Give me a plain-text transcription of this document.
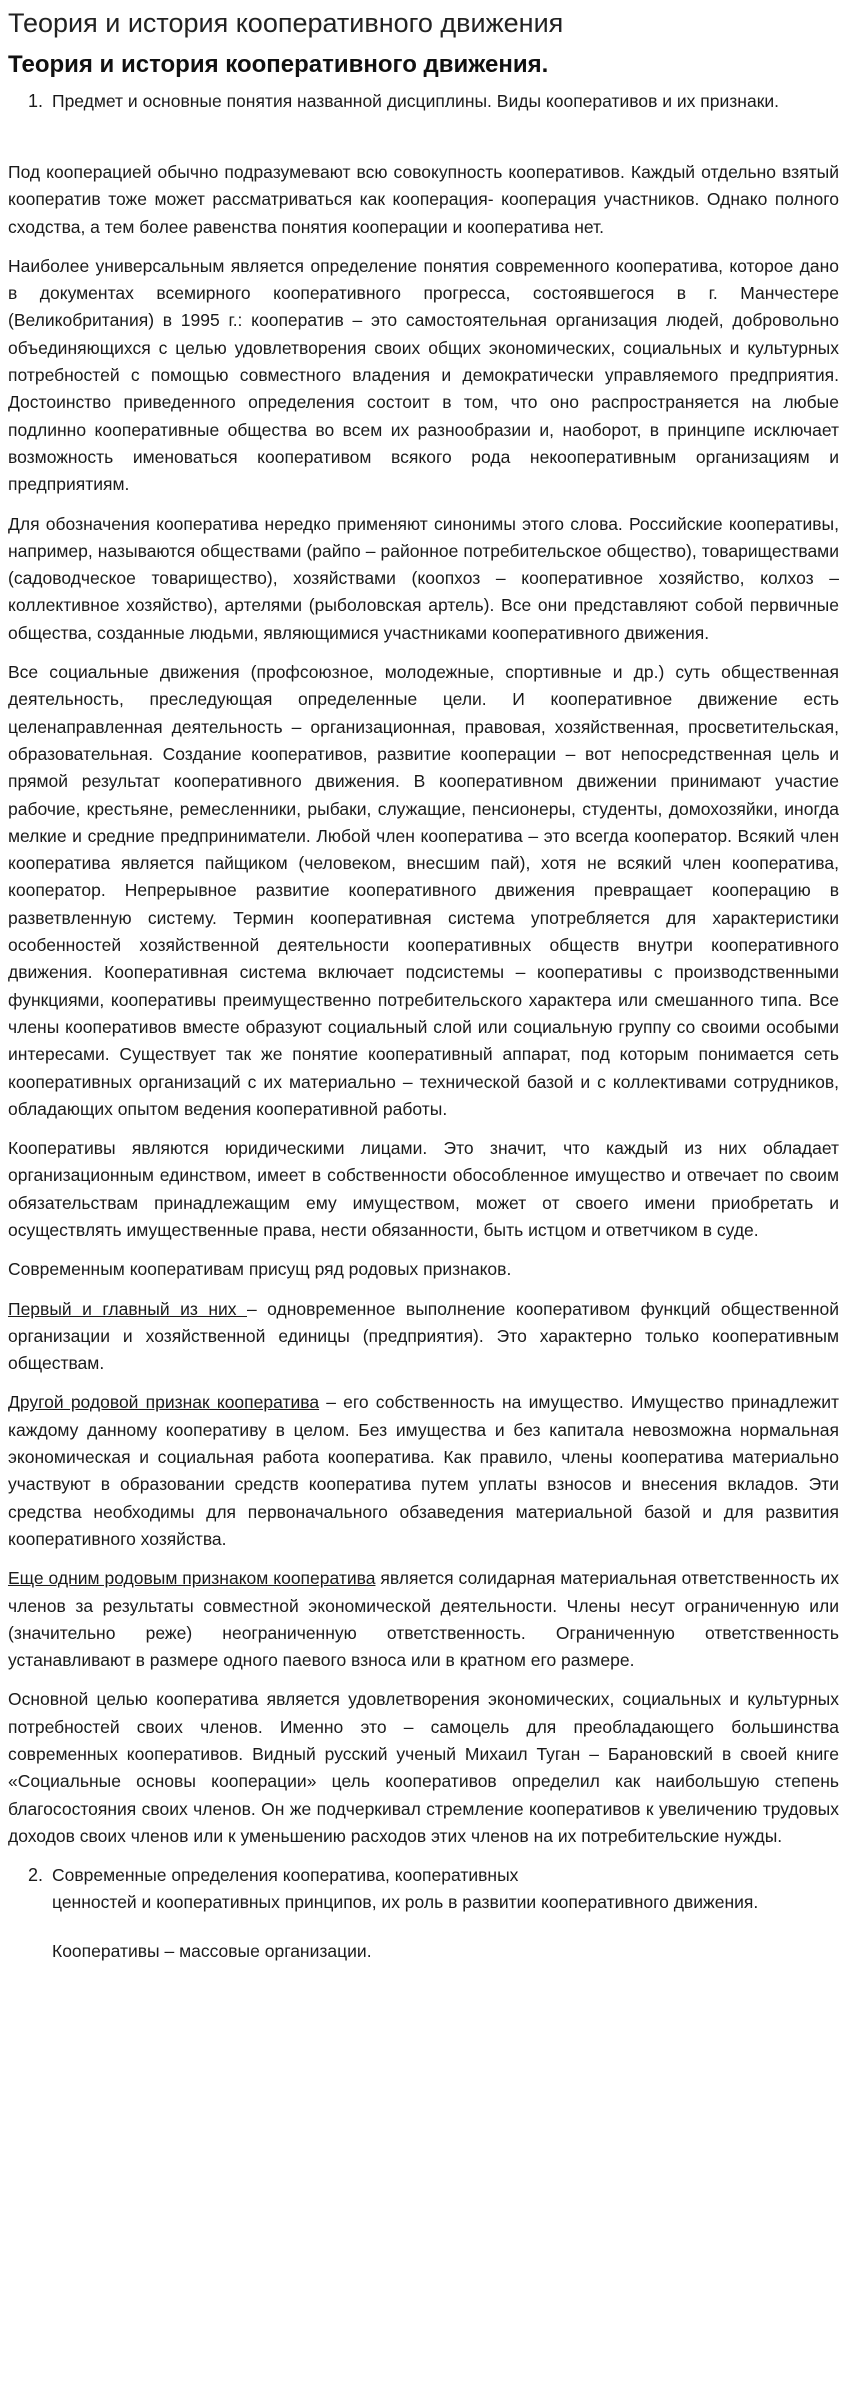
Теория и история кооперативного движения
Теория и история кооперативного движения.
1. Предмет и основные понятия названной дисциплины. Виды кооперативов и их признаки.

Под кооперацией обычно подразумевают всю совокупность кооперативов. Каждый отдельно взятый кооператив тоже может рассматриваться как кооперация- кооперация участников. Однако полного сходства, а тем более равенства понятия кооперации и кооператива нет.

Наиболее универсальным является определение понятия современного кооператива, которое дано в документах всемирного кооперативного прогресса, состоявшегося в г. Манчестере (Великобритания) в 1995 г.: кооператив – это самостоятельная организация людей, добровольно объединяющихся с целью удовлетворения своих общих экономических, социальных и культурных потребностей с помощью совместного владения и демократически управляемого предприятия. Достоинство приведенного определения состоит в том, что оно распространяется на любые подлинно кооперативные общества во всем их разнообразии и, наоборот, в принципе исключает возможность именоваться кооперативом всякого рода некооперативным организациям и предприятиям.

Для обозначения кооператива нередко применяют синонимы этого слова. Российские кооперативы, например, называются обществами (райпо – районное потребительское общество), товариществами (садоводческое товарищество), хозяйствами (коопхоз – кооперативное хозяйство, колхоз – коллективное хозяйство), артелями (рыболовская артель). Все они представляют собой первичные общества, созданные людьми, являющимися участниками кооперативного движения.

Все социальные движения (профсоюзное, молодежные, спортивные и др.) суть общественная деятельность, преследующая определенные цели. И кооперативное движение есть целенаправленная деятельность – организационная, правовая, хозяйственная, просветительская, образовательная. Создание кооперативов, развитие кооперации – вот непосредственная цель и прямой результат кооперативного движения. В кооперативном движении принимают участие рабочие, крестьяне, ремесленники, рыбаки, служащие, пенсионеры, студенты, домохозяйки, иногда мелкие и средние предприниматели. Любой член кооператива – это всегда кооператор. Всякий член кооператива является пайщиком (человеком, внесшим пай), хотя не всякий член кооператива, кооператор. Непрерывное развитие кооперативного движения превращает кооперацию в разветвленную систему. Термин кооперативная система употребляется для характеристики особенностей хозяйственной деятельности кооперативных обществ внутри кооперативного движения. Кооперативная система включает подсистемы – кооперативы с производственными функциями, кооперативы преимущественно потребительского характера или смешанного типа. Все члены кооперативов вместе образуют социальный слой или социальную группу со своими особыми интересами. Существует так же понятие кооперативный аппарат, под которым понимается сеть кооперативных организаций с их материально – технической базой и с коллективами сотрудников, обладающих опытом ведения кооперативной работы.

Кооперативы являются юридическими лицами. Это значит, что каждый из них обладает организационным единством, имеет в собственности обособленное имущество и отвечает по своим обязательствам принадлежащим ему имуществом, может от своего имени приобретать и осуществлять имущественные права, нести обязанности, быть истцом и ответчиком в суде.

Современным кооперативам присущ ряд родовых признаков.

Первый и главный из них – одновременное выполнение кооперативом функций общественной организации и хозяйственной единицы (предприятия). Это характерно только кооперативным обществам.

Другой родовой признак кооператива – его собственность на имущество. Имущество принадлежит каждому данному кооперативу в целом. Без имущества и без капитала невозможна нормальная экономическая и социальная работа кооператива. Как правило, члены кооператива материально участвуют в образовании средств кооператива путем уплаты взносов и внесения вкладов. Эти средства необходимы для первоначального обзаведения материальной базой и для развития кооперативного хозяйства.

Еще одним родовым признаком кооператива является солидарная материальная ответственность их членов за результаты совместной экономической деятельности. Члены несут ограниченную или (значительно реже) неограниченную ответственность. Ограниченную ответственность устанавливают в размере одного паевого взноса или в кратном его размере.

Основной целью кооператива является удовлетворения экономических, социальных и культурных потребностей своих членов. Именно это – самоцель для преобладающего большинства современных кооперативов. Видный русский ученый Михаил Туган – Барановский в своей книге «Социальные основы кооперации» цель кооперативов определил как наибольшую степень благосостояния своих членов. Он же подчеркивал стремление кооперативов к увеличению трудовых доходов своих членов или к уменьшению расходов этих членов на их потребительские нужды.

2. Современные определения кооператива, кооперативных
ценностей и кооперативных принципов, их роль в развитии кооперативного движения.
Кооперативы – массовые организации.
